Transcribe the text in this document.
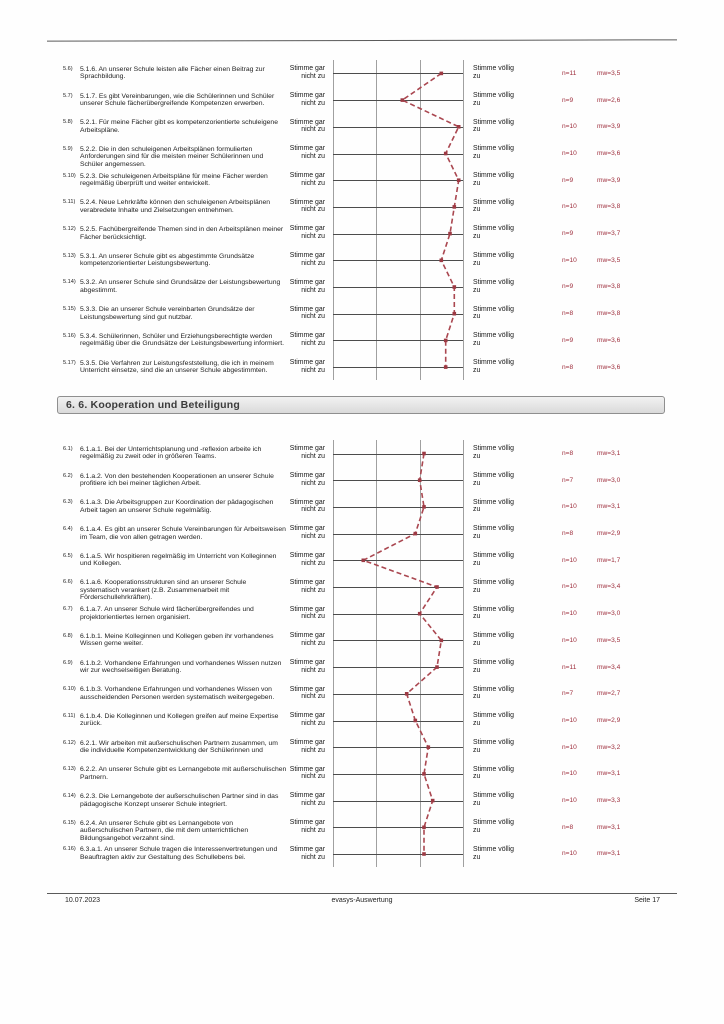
5.6) 5.1.6. An unserer Schule leisten alle Fächer einen Beitrag zur Sprachbildung.
Stimme gar
nicht zu
Stimme völlig
zu	n=11	mw=3,5
5.7) 5.1.7. Es gibt Vereinbarungen, wie die Schülerinnen und Schüler unserer Schule fächerübergreifende Kompetenzen erwerben.
Stimme gar
nicht zu
Stimme völlig
zu	n=9	mw=2,6
5.8) 5.2.1. Für meine Fächer gibt es kompetenzorientierte schuleigene Arbeitspläne.
Stimme gar
nicht zu
Stimme völlig
zu	n=10	mw=3,9
5.9) 5.2.2. Die in den schuleigenen Arbeitsplänen formulierten Anforderungen sind für die meisten meiner Schülerinnen und Schüler angemessen.
Stimme gar
nicht zu
Stimme völlig
zu	n=10	mw=3,6
5.10) 5.2.3. Die schuleigenen Arbeitspläne für meine Fächer werden regelmäßig überprüft und weiter entwickelt.
Stimme gar
nicht zu
Stimme völlig
zu	n=9	mw=3,9
5.11) 5.2.4. Neue Lehrkräfte können den schuleigenen Arbeitsplänen verabredete Inhalte und Zielsetzungen entnehmen.
Stimme gar
nicht zu
Stimme völlig
zu	n=10	mw=3,8
5.12) 5.2.5. Fachübergreifende Themen sind in den Arbeitsplänen meiner Fächer berücksichtigt.
Stimme gar
nicht zu
Stimme völlig
zu	n=9	mw=3,7
5.13) 5.3.1. An unserer Schule gibt es abgestimmte Grundsätze kompetenzorientierter Leistungsbewertung.
Stimme gar
nicht zu
Stimme völlig
zu	n=10	mw=3,5
5.14) 5.3.2. An unserer Schule sind Grundsätze der Leistungsbewertung abgestimmt.
Stimme gar
nicht zu
Stimme völlig
zu	n=9	mw=3,8
5.15) 5.3.3. Die an unserer Schule vereinbarten Grundsätze der Leistungsbewertung sind gut nutzbar.
Stimme gar
nicht zu
Stimme völlig
zu	n=8	mw=3,8
5.16) 5.3.4. Schülerinnen, Schüler und Erziehungsberechtigte werden regelmäßig über die Grundsätze der Leistungsbewertung informiert.
Stimme gar
nicht zu
Stimme völlig
zu	n=9	mw=3,6
5.17) 5.3.5. Die Verfahren zur Leistungsfeststellung, die ich in meinem Unterricht einsetze, sind die an unserer Schule abgestimmten.
Stimme gar
nicht zu
Stimme völlig
zu	n=8	mw=3,6
6.1) 6.1.a.1. Bei der Unterrichtsplanung und -reflexion arbeite ich regelmäßig zu zweit oder in größeren Teams.
Stimme gar
nicht zu
Stimme völlig
zu	n=8	mw=3,1
6.2) 6.1.a.2. Von den bestehenden Kooperationen an unserer Schule profitiere ich bei meiner täglichen Arbeit.
Stimme gar
nicht zu
Stimme völlig
zu	n=7	mw=3,0
6.3) 6.1.a.3. Die Arbeitsgruppen zur Koordination der pädagogischen Arbeit tagen an unserer Schule regelmäßig.
Stimme gar
nicht zu
Stimme völlig
zu	n=10	mw=3,1
6.4) 6.1.a.4. Es gibt an unserer Schule Vereinbarungen für Arbeitsweisen im Team, die von allen getragen werden.
Stimme gar
nicht zu
Stimme völlig
zu	n=8	mw=2,9
6.5) 6.1.a.5. Wir hospitieren regelmäßig im Unterricht von Kolleginnen und Kollegen.
Stimme gar
nicht zu
Stimme völlig
zu	n=10	mw=1,7
6.6) 6.1.a.6. Kooperationsstrukturen sind an unserer Schule systematisch verankert (z.B. Zusammenarbeit mit Förderschullehrkräften).
Stimme gar
nicht zu
Stimme völlig
zu	n=10	mw=3,4
6.7) 6.1.a.7. An unserer Schule wird fächerübergreifendes und projektorientiertes lernen organisiert.
Stimme gar
nicht zu
Stimme völlig
zu	n=10	mw=3,0
6.8) 6.1.b.1. Meine Kolleginnen und Kollegen geben ihr vorhandenes Wissen gerne weiter.
Stimme gar
nicht zu
Stimme völlig
zu	n=10	mw=3,5
6.9) 6.1.b.2. Vorhandene Erfahrungen und vorhandenes Wissen nutzen wir zur wechselseitigen Beratung.
Stimme gar
nicht zu
Stimme völlig
zu	n=11	mw=3,4
6.10) 6.1.b.3. Vorhandene Erfahrungen und vorhandenes Wissen von ausscheidenden Personen werden systematisch weitergegeben.
Stimme gar
nicht zu
Stimme völlig
zu	n=7	mw=2,7
6.11) 6.1.b.4. Die Kolleginnen und Kollegen greifen auf meine Expertise zurück.
Stimme gar
nicht zu
Stimme völlig
zu	n=10	mw=2,9
6.12) 6.2.1. Wir arbeiten mit außerschulischen Partnern zusammen, um die individuelle Kompetenzentwicklung der Schülerinnen und
Stimme gar
nicht zu
Stimme völlig
zu	n=10	mw=3,2
6.13) 6.2.2. An unserer Schule gibt es Lernangebote mit außerschulischen Partnern.
Stimme gar
nicht zu
Stimme völlig
zu	n=10	mw=3,1
6.14) 6.2.3. Die Lernangebote der außerschulischen Partner sind in das pädagogische Konzept unserer Schule integriert.
Stimme gar
nicht zu
Stimme völlig
zu	n=10	mw=3,3
6.15) 6.2.4. An unserer Schule gibt es Lernangebote von außerschulischen Partnern, die mit dem unterrichtlichen Bildungsangebot verzahnt sind.
Stimme gar
nicht zu
Stimme völlig
zu	n=8	mw=3,1
6.16) 6.3.a.1. An unserer Schule tragen die Interessenvertretungen und Beauftragten aktiv zur Gestaltung des Schullebens bei.
Stimme gar
nicht zu
Stimme völlig
zu	n=10	mw=3,1
6. 6. Kooperation und Beteiligung
10.07.2023	evasys-Auswertung	Seite 17
